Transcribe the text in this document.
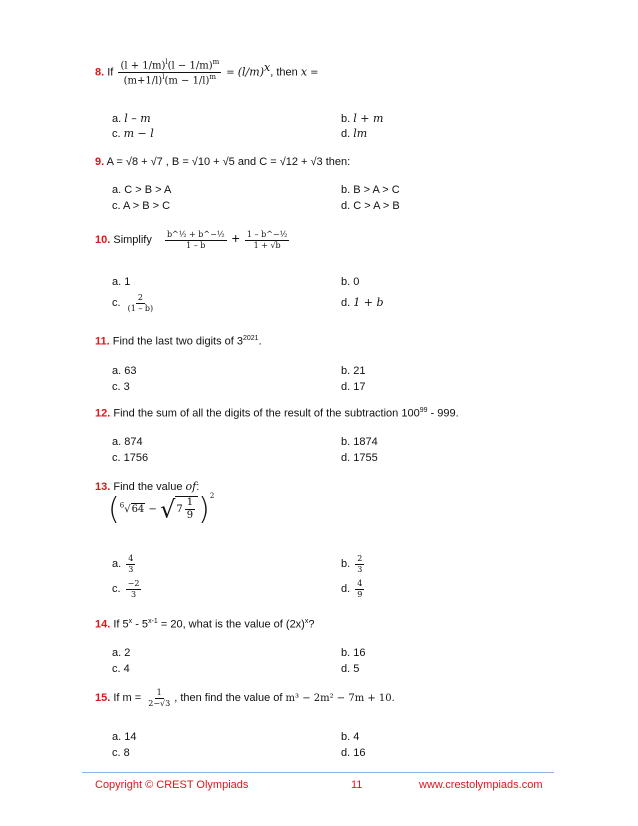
8. If $\frac{(l + 1/m)^l(l - 1/m)^m}{(m+1/l)^l(m - 1/l)^m} = (l/m)^x$, then x =
a. l – m	b. l + m
c. m − l	d. lm
9. A = √8 + √7 , B = √10 + √5 and C = √12 + √3 then:
a. C > B > A	b. B > A > C
c. A > B > C	d. C > A > B
10. Simplify $\frac{\text{b\textasciicircum{}½ + b\textasciicircum{}−½}}{1 - b} + \frac{\text{1 – b\textasciicircum{}−½}}{1 + √b}$
a. 1	b. 0
c. $\frac{2}{(1 - b)}$	d. 1 + b
11. Find the last two digits of $3^{2021}$.
a. 63	b. 21
c. 3	d. 17
12. Find the sum of all the digits of the result of the subtraction $100^{99} - 999$.
a. 874	b. 1874
c. 1756	d. 1755
13. Find the value of:
$(^6√64 - √7 \frac{1}{9} )^2$
a. $\frac{4}{3}$	b. $\frac{2}{3}$
c. $\frac{-2}{3}$	d. $\frac{4}{9}$
14. If $5^x - 5^{x-1} = 20$, what is the value of $(2x)^x$?
a. 2	b. 16
c. 4	d. 5
15. If $m = \frac{1}{2-√3}$ , then find the value of m³ − 2m² − 7m + 10.
a. 14	b. 4
c. 8	d. 16
Copyright © CREST Olympiads	11	www.crestolympiads.com
